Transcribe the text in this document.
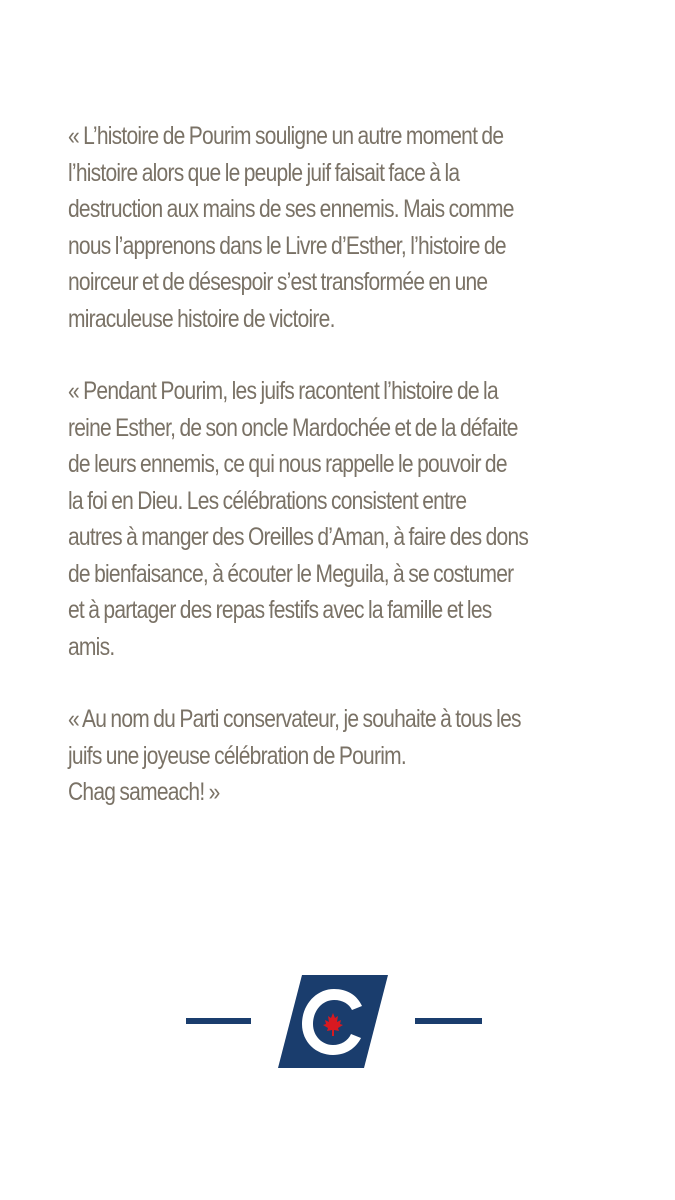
« L’histoire de Pourim souligne un autre moment de
l’histoire alors que le peuple juif faisait face à la
destruction aux mains de ses ennemis. Mais comme
nous l’apprenons dans le Livre d’Esther, l’histoire de
noirceur et de désespoir s’est transformée en une
miraculeuse histoire de victoire.

« Pendant Pourim, les juifs racontent l’histoire de la
reine Esther, de son oncle Mardochée et de la défaite
de leurs ennemis, ce qui nous rappelle le pouvoir de
la foi en Dieu. Les célébrations consistent entre
autres à manger des Oreilles d’Aman, à faire des dons
de bienfaisance, à écouter le Meguila, à se costumer
et à partager des repas festifs avec la famille et les
amis.

« Au nom du Parti conservateur, je souhaite à tous les
juifs une joyeuse célébration de Pourim.
Chag sameach! »
